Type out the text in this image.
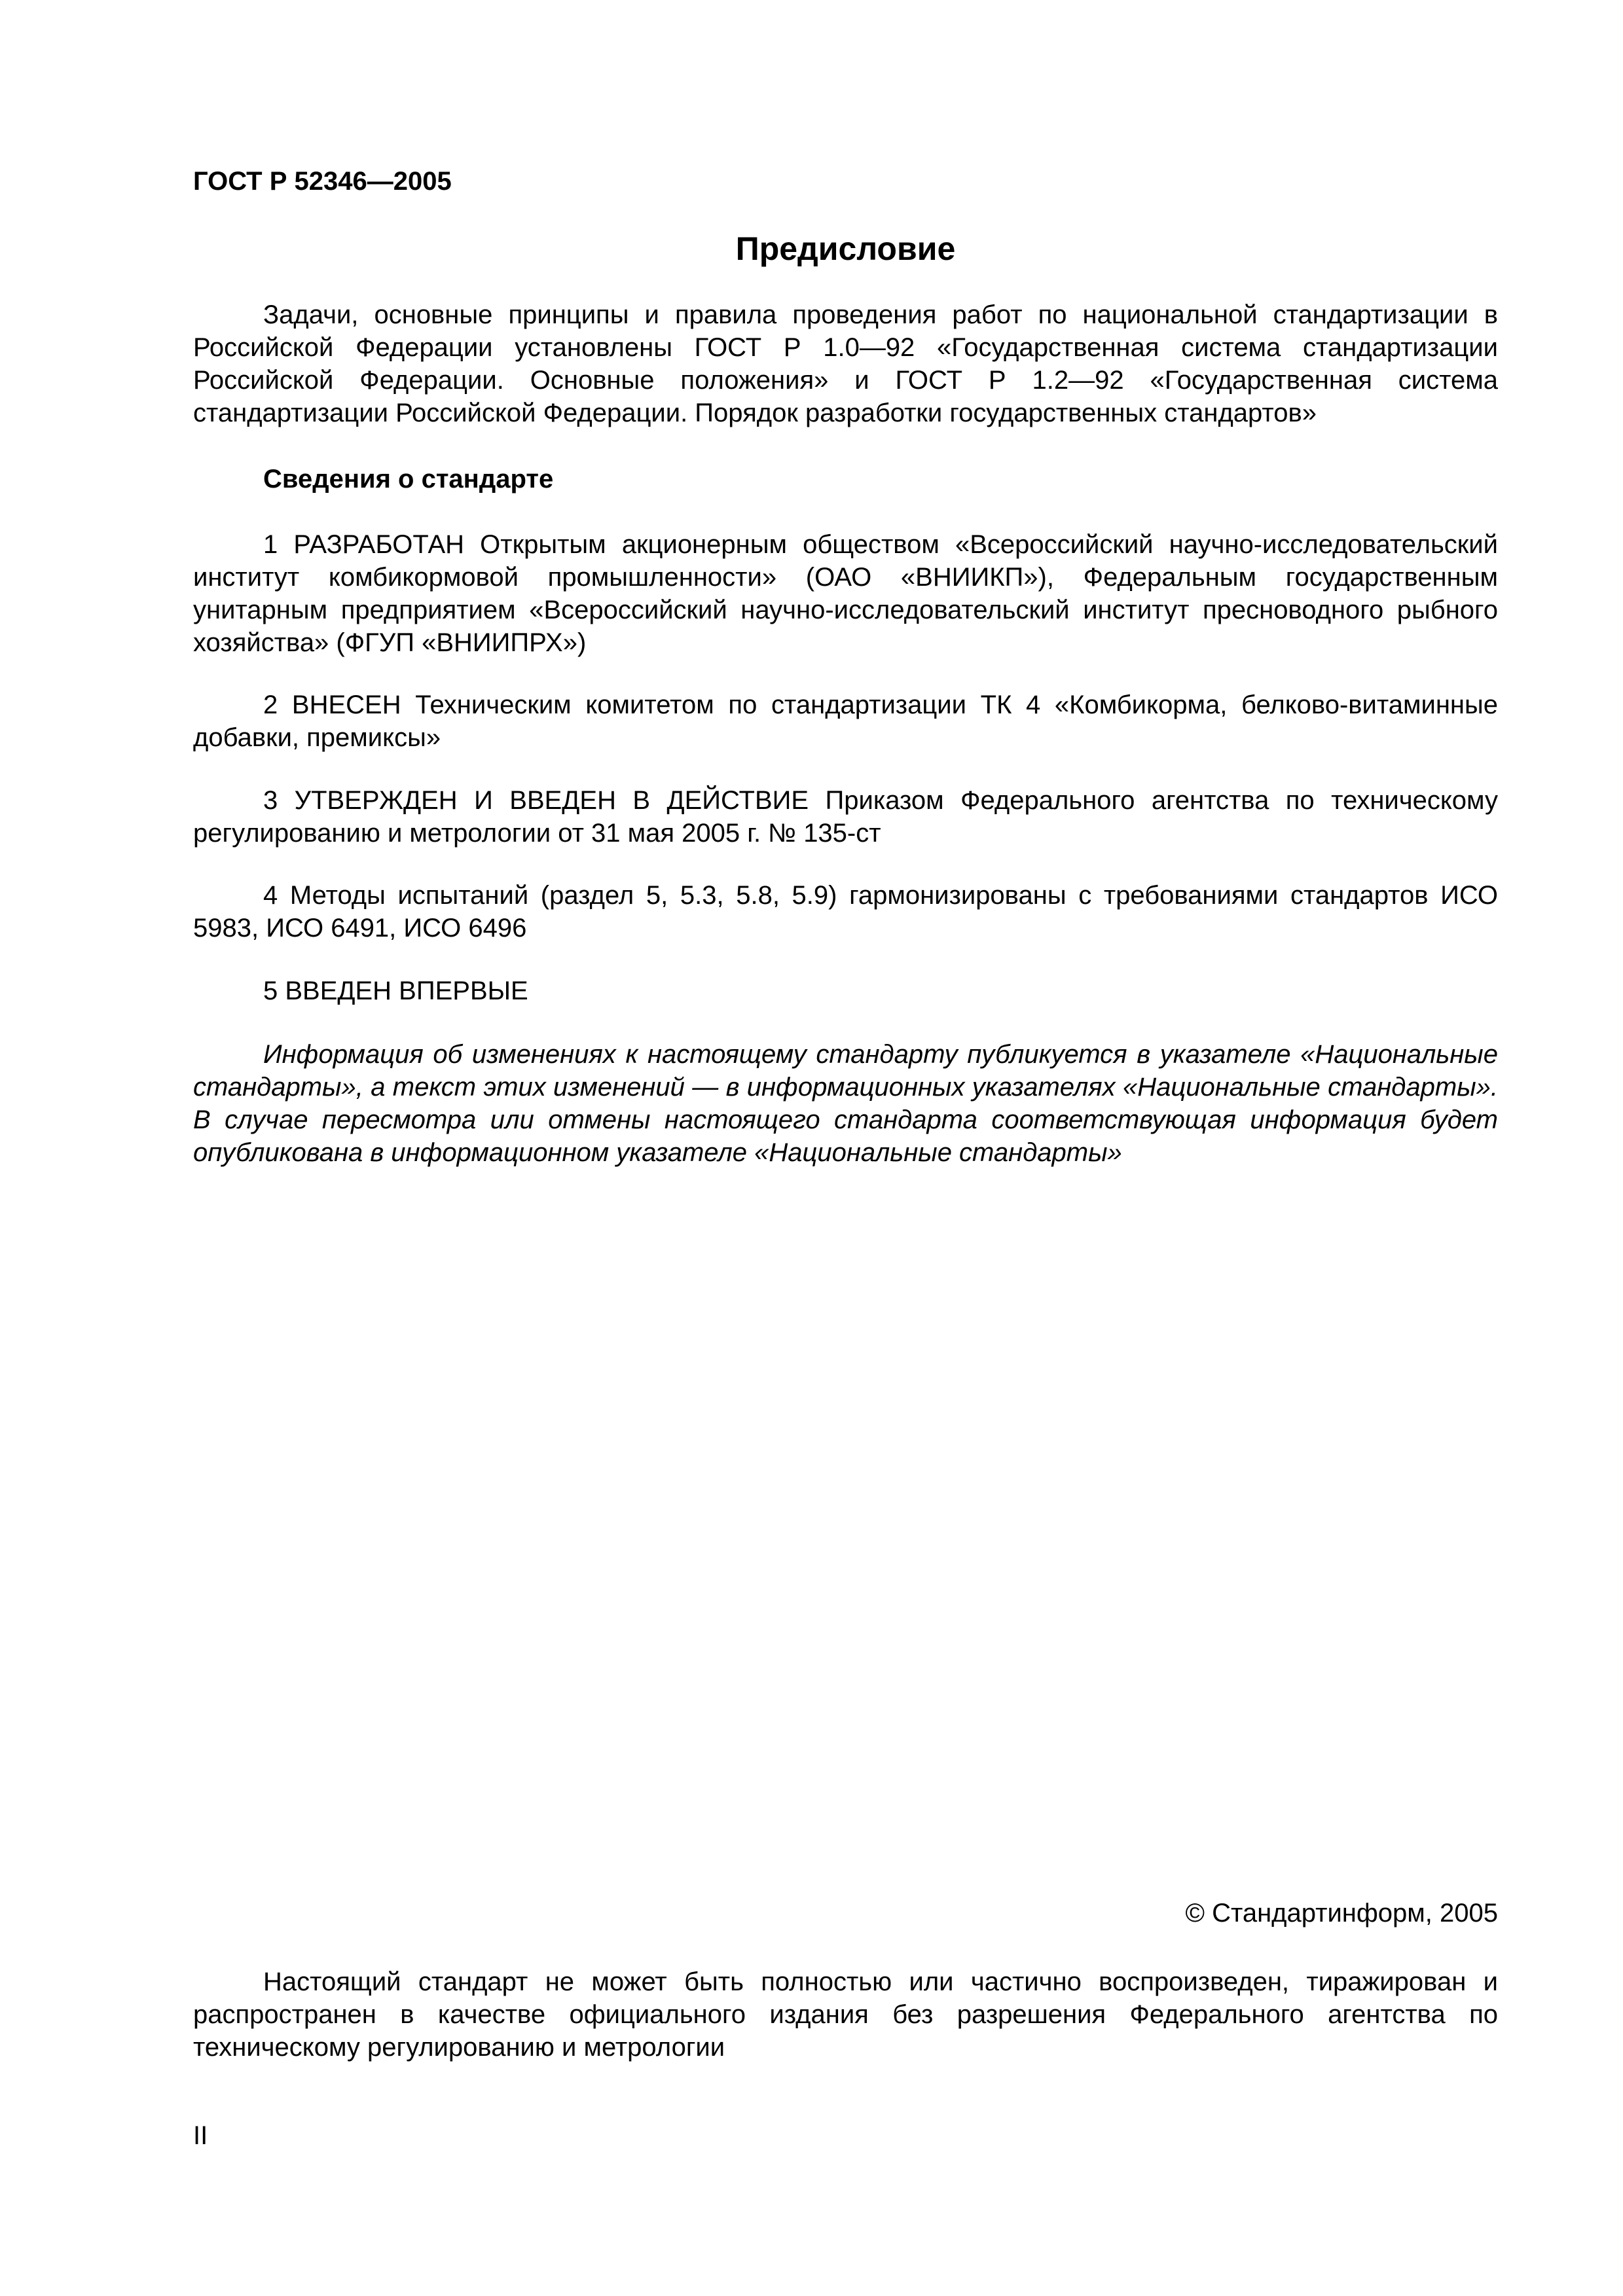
ГОСТ Р 52346—2005
Предисловие

Задачи, основные принципы и правила проведения работ по национальной стандартизации в Российской Федерации установлены ГОСТ Р 1.0—92 «Государственная система стандартизации Российской Федерации. Основные положения» и ГОСТ Р 1.2—92 «Государственная система стандартизации Российской Федерации. Порядок разработки государственных стандартов»

Сведения о стандарте

1 РАЗРАБОТАН Открытым акционерным обществом «Всероссийский научно-исследовательский институт комбикормовой промышленности» (ОАО «ВНИИКП»), Федеральным государственным унитарным предприятием «Всероссийский научно-исследовательский институт пресноводного рыбного хозяйства» (ФГУП «ВНИИПРХ»)

2 ВНЕСЕН Техническим комитетом по стандартизации ТК 4 «Комбикорма, белково-витаминные добавки, премиксы»

3 УТВЕРЖДЕН И ВВЕДЕН В ДЕЙСТВИЕ Приказом Федерального агентства по техническому регулированию и метрологии от 31 мая 2005 г. № 135-ст

4 Методы испытаний (раздел 5, 5.3, 5.8, 5.9) гармонизированы с требованиями стандартов ИСО 5983, ИСО 6491, ИСО 6496

5 ВВЕДЕН ВПЕРВЫЕ

Информация об изменениях к настоящему стандарту публикуется в указателе «Национальные стандарты», а текст этих изменений — в информационных указателях «Национальные стандарты». В случае пересмотра или отмены настоящего стандарта соответствующая информация будет опубликована в информационном указателе «Национальные стандарты»

© Стандартинформ, 2005

Настоящий стандарт не может быть полностью или частично воспроизведен, тиражирован и распространен в качестве официального издания без разрешения Федерального агентства по техническому регулированию и метрологии

II
